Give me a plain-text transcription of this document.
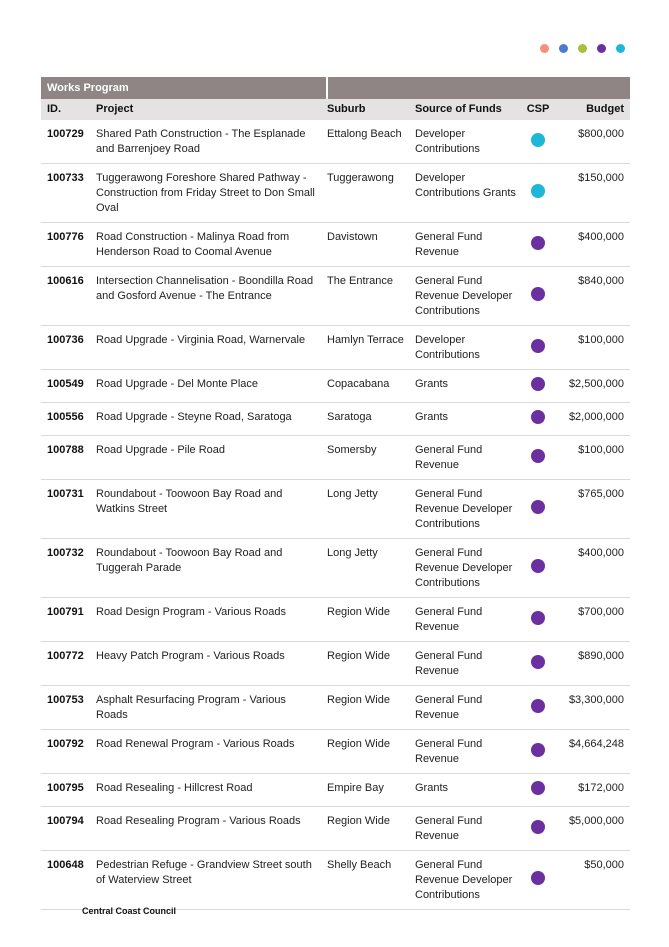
Works Program					
ID.	Project	Suburb	Source of Funds	CSP	Budget
100729	Shared Path Construction - The Esplanade and Barrenjoey Road	Ettalong Beach	Developer Contributions		$800,000
100733	Tuggerawong Foreshore Shared Pathway - Construction from Friday Street to Don Small Oval	Tuggerawong	Developer Contributions Grants		$150,000
100776	Road Construction - Malinya Road from Henderson Road to Coomal Avenue	Davistown	General Fund Revenue		$400,000
100616	Intersection Channelisation - Boondilla Road and Gosford Avenue - The Entrance	The Entrance	General Fund Revenue Developer Contributions		$840,000
100736	Road Upgrade - Virginia Road, Warnervale	Hamlyn Terrace	Developer Contributions		$100,000
100549	Road Upgrade - Del Monte Place	Copacabana	Grants		$2,500,000
100556	Road Upgrade - Steyne Road, Saratoga	Saratoga	Grants		$2,000,000
100788	Road Upgrade - Pile Road	Somersby	General Fund Revenue		$100,000
100731	Roundabout - Toowoon Bay Road and Watkins Street	Long Jetty	General Fund Revenue Developer Contributions		$765,000
100732	Roundabout - Toowoon Bay Road and Tuggerah Parade	Long Jetty	General Fund Revenue Developer Contributions		$400,000
100791	Road Design Program - Various Roads	Region Wide	General Fund Revenue		$700,000
100772	Heavy Patch Program - Various Roads	Region Wide	General Fund Revenue		$890,000
100753	Asphalt Resurfacing Program - Various Roads	Region Wide	General Fund Revenue		$3,300,000
100792	Road Renewal Program - Various Roads	Region Wide	General Fund Revenue		$4,664,248
100795	Road Resealing - Hillcrest Road	Empire Bay	Grants		$172,000
100794	Road Resealing Program - Various Roads	Region Wide	General Fund Revenue		$5,000,000
100648	Pedestrian Refuge - Grandview Street south of Waterview Street	Shelly Beach	General Fund Revenue Developer Contributions		$50,000
Central Coast Council
